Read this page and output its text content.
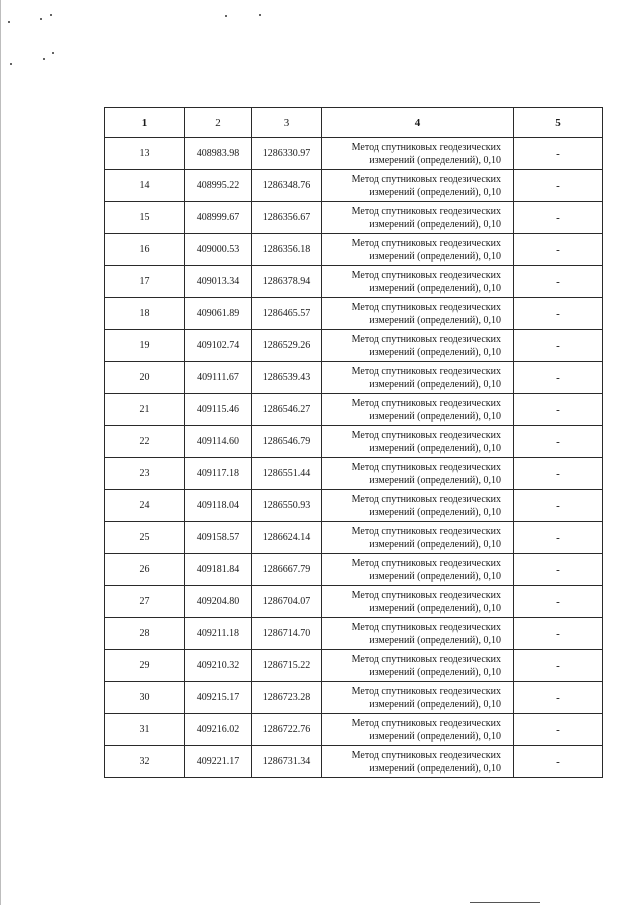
1	2	3	4	5
13	408983.98	1286330.97	Метод спутниковых геодезических
измерений (определений), 0,10	-
14	408995.22	1286348.76	Метод спутниковых геодезических
измерений (определений), 0,10	-
15	408999.67	1286356.67	Метод спутниковых геодезических
измерений (определений), 0,10	-
16	409000.53	1286356.18	Метод спутниковых геодезических
измерений (определений), 0,10	-
17	409013.34	1286378.94	Метод спутниковых геодезических
измерений (определений), 0,10	-
18	409061.89	1286465.57	Метод спутниковых геодезических
измерений (определений), 0,10	-
19	409102.74	1286529.26	Метод спутниковых геодезических
измерений (определений), 0,10	-
20	409111.67	1286539.43	Метод спутниковых геодезических
измерений (определений), 0,10	-
21	409115.46	1286546.27	Метод спутниковых геодезических
измерений (определений), 0,10	-
22	409114.60	1286546.79	Метод спутниковых геодезических
измерений (определений), 0,10	-
23	409117.18	1286551.44	Метод спутниковых геодезических
измерений (определений), 0,10	-
24	409118.04	1286550.93	Метод спутниковых геодезических
измерений (определений), 0,10	-
25	409158.57	1286624.14	Метод спутниковых геодезических
измерений (определений), 0,10	-
26	409181.84	1286667.79	Метод спутниковых геодезических
измерений (определений), 0,10	-
27	409204.80	1286704.07	Метод спутниковых геодезических
измерений (определений), 0,10	-
28	409211.18	1286714.70	Метод спутниковых геодезических
измерений (определений), 0,10	-
29	409210.32	1286715.22	Метод спутниковых геодезических
измерений (определений), 0,10	-
30	409215.17	1286723.28	Метод спутниковых геодезических
измерений (определений), 0,10	-
31	409216.02	1286722.76	Метод спутниковых геодезических
измерений (определений), 0,10	-
32	409221.17	1286731.34	Метод спутниковых геодезических
измерений (определений), 0,10	-
